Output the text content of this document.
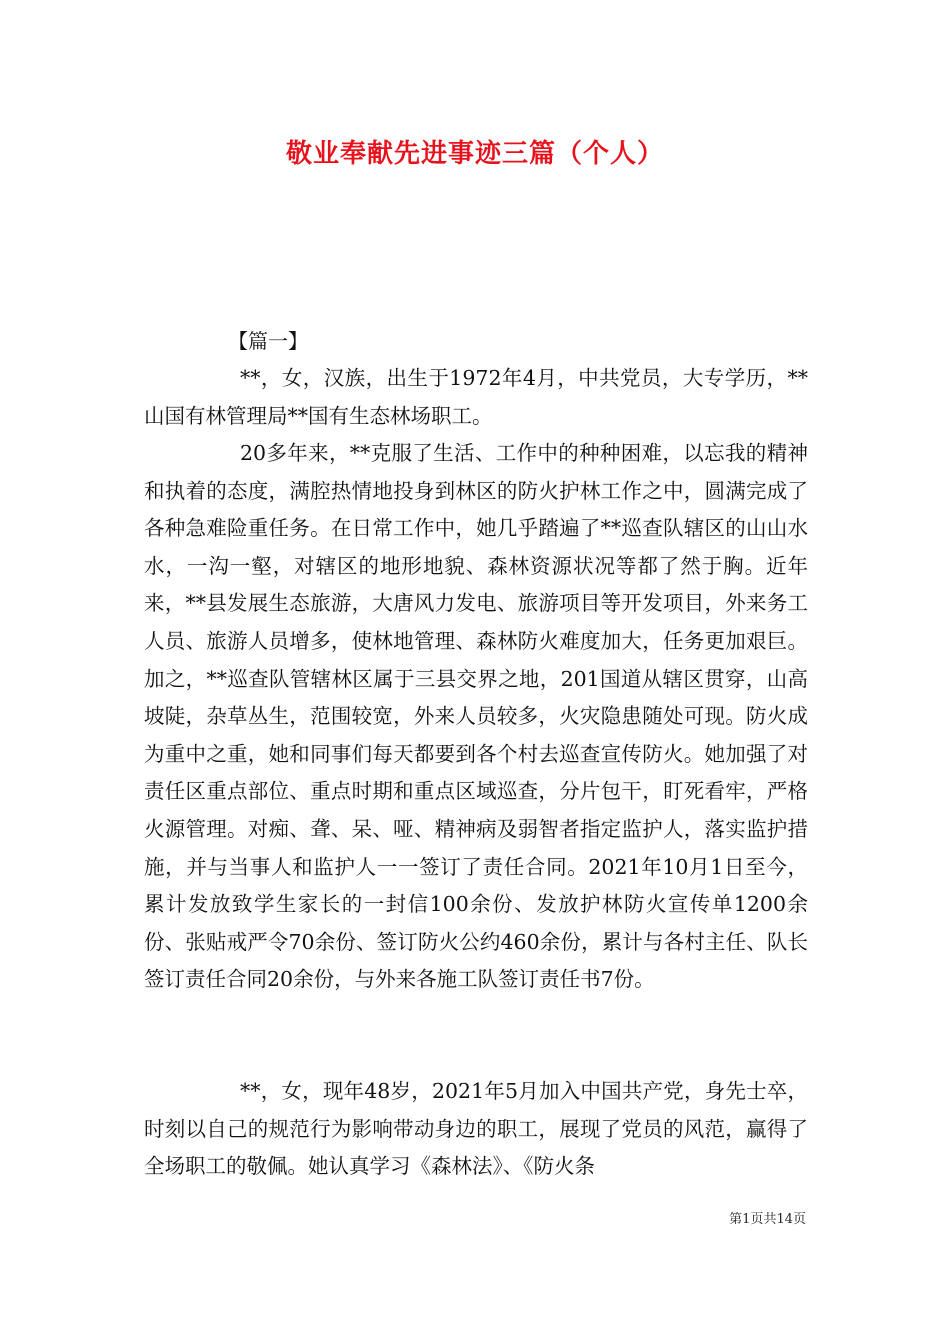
敬业奉献先进事迹三篇（个人）
【篇一】

**，女，汉族，出生于1972年4月，中共党员，大专学历，**山国有林管理局**国有生态林场职工。

20多年来，**克服了生活、工作中的种种困难，以忘我的精神和执着的态度，满腔热情地投身到林区的防火护林工作之中，圆满完成了各种急难险重任务。在日常工作中，她几乎踏遍了**巡查队辖区的山山水水，一沟一壑，对辖区的地形地貌、森林资源状况等都了然于胸。近年来，**县发展生态旅游，大唐风力发电、旅游项目等开发项目，外来务工人员、旅游人员增多，使林地管理、森林防火难度加大，任务更加艰巨。加之，**巡查队管辖林区属于三县交界之地，201国道从辖区贯穿，山高坡陡，杂草丛生，范围较宽，外来人员较多，火灾隐患随处可现。防火成为重中之重，她和同事们每天都要到各个村去巡查宣传防火。她加强了对责任区重点部位、重点时期和重点区域巡查，分片包干，盯死看牢，严格火源管理。对痴、聋、呆、哑、精神病及弱智者指定监护人，落实监护措施，并与当事人和监护人一一签订了责任合同。2021年10月1日至今，累计发放致学生家长的一封信100余份、发放护林防火宣传单1200余份、张贴戒严令70余份、签订防火公约460余份，累计与各村主任、队长签订责任合同20余份，与外来各施工队签订责任书7份。

**，女，现年48岁，2021年5月加入中国共产党，身先士卒，时刻以自己的规范行为影响带动身边的职工，展现了党员的风范，赢得了全场职工的敬佩。她认真学习《森林法》、《防火条

第1页共14页
